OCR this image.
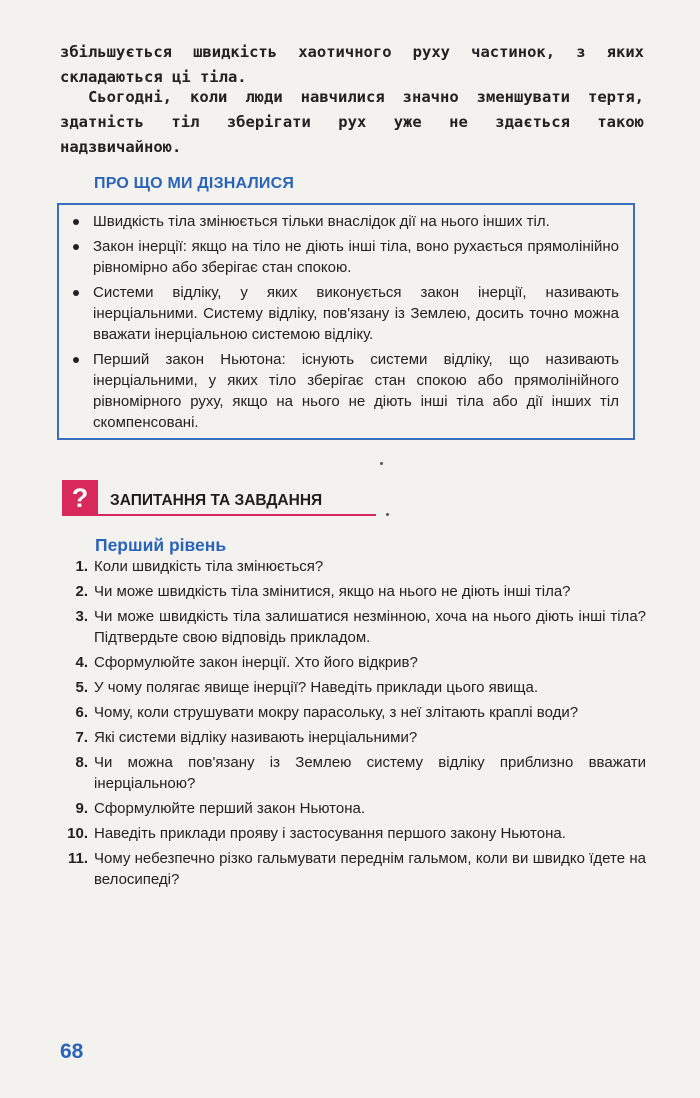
збільшується швидкість хаотичного руху частинок, з яких складаються ці тіла.

Сьогодні, коли люди навчилися значно зменшувати тертя, здатність тіл зберігати рух уже не здається такою надзвичайною.

ПРО ЩО МИ ДІЗНАЛИСЯ
Швидкість тіла змінюється тільки внаслідок дії на нього інших тіл.
Закон інерції: якщо на тіло не діють інші тіла, воно рухається прямолінійно рівномірно або зберігає стан спокою.
Системи відліку, у яких виконується закон інерції, називають інерціальними. Систему відліку, пов'язану із Землею, досить точно можна вважати інерціальною системою відліку.
Перший закон Ньютона: існують системи відліку, що називають інерціальними, у яких тіло зберігає стан спокою або прямолінійного рівномірного руху, якщо на нього не діють інші тіла або дії інших тіл скомпенсовані.
?	ЗАПИТАННЯ ТА ЗАВДАННЯ
Перший рівень
1. Коли швидкість тіла змінюється?
2. Чи може швидкість тіла змінитися, якщо на нього не діють інші тіла?
3. Чи може швидкість тіла залишатися незмінною, хоча на нього діють інші тіла? Підтвердьте свою відповідь прикладом.
4. Сформулюйте закон інерції. Хто його відкрив?
5. У чому полягає явище інерції? Наведіть приклади цього явища.
6. Чому, коли струшувати мокру парасольку, з неї злітають краплі води?
7. Які системи відліку називають інерціальними?
8. Чи можна пов'язану із Землею систему відліку приблизно вважати інерціальною?
9. Сформулюйте перший закон Ньютона.
10. Наведіть приклади прояву і застосування першого закону Ньютона.
11. Чому небезпечно різко гальмувати переднім гальмом, коли ви швидко їдете на велосипеді?
68
